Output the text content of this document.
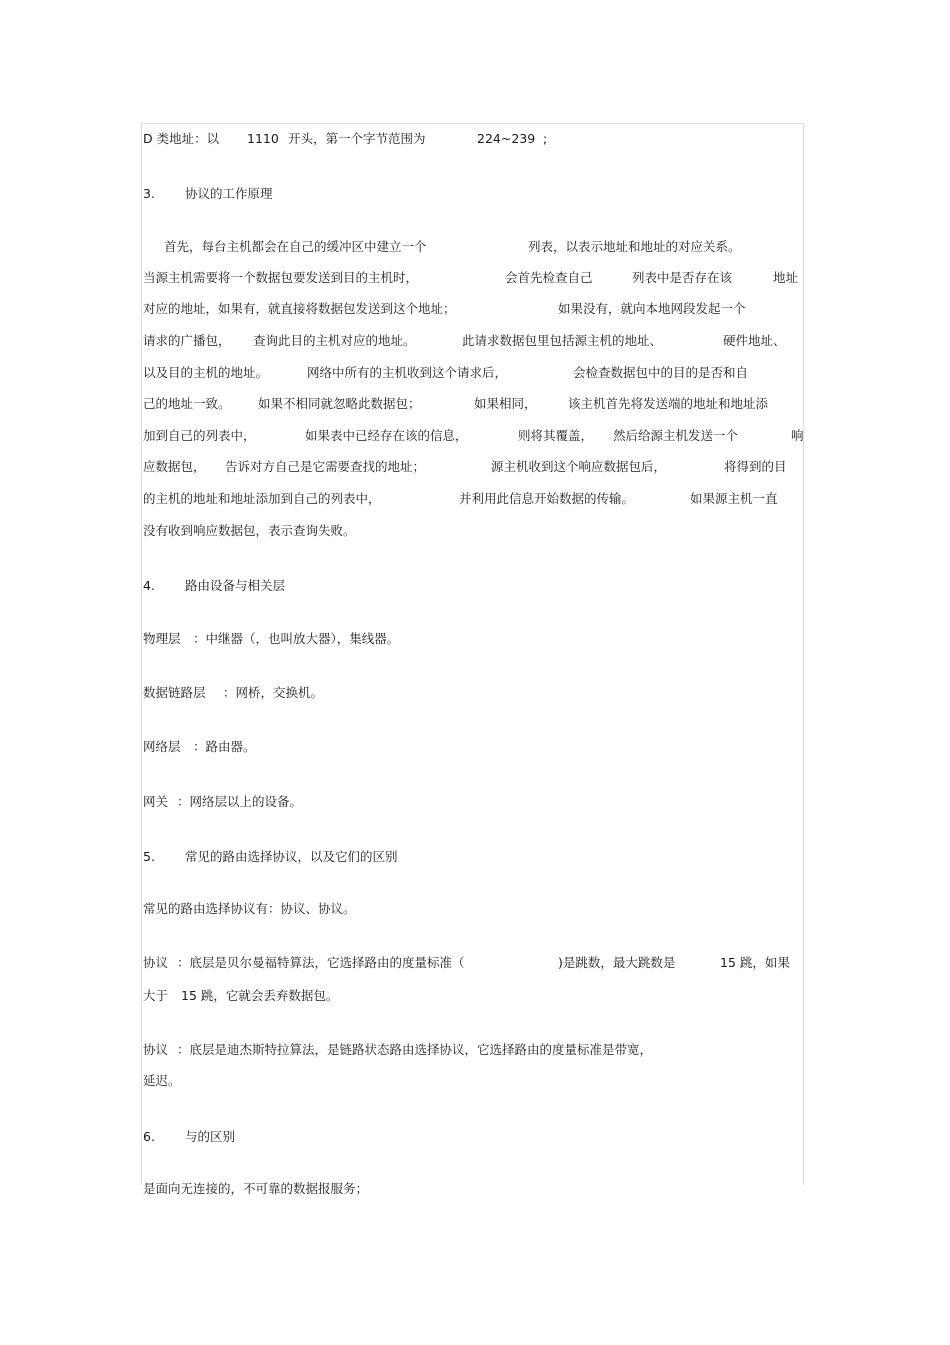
D 类地址：以 1110 开头，第一个字节范围为	224~239 ;
3. 协议的工作原理
首先，每台主机都会在自己的缓冲区中建立一个	列表，以表示地址和地址的对应关系。
当源主机需要将一个数据包要发送到目的主机时，	会首先检查自己	列表中是否存在该	地址
对应的地址，如果有，就直接将数据包发送到这个地址；	如果没有，就向本地网段发起一个
请求的广播包， 查询此目的主机对应的地址。	此请求数据包里包括源主机的地址、	硬件地址、
以及目的主机的地址。	网络中所有的主机收到这个请求后，	会检查数据包中的目的是否和自
己的地址一致。 如果不相同就忽略此数据包；	如果相同，	该主机首先将发送端的地址和地址添
加到自己的列表中，	如果表中已经存在该的信息，	则将其覆盖， 然后给源主机发送一个	响
应数据包， 告诉对方自己是它需要查找的地址；	源主机收到这个响应数据包后，	将得到的目
的主机的地址和地址添加到自己的列表中，	并利用此信息开始数据的传输。	如果源主机一直
没有收到响应数据包，表示查询失败。
4. 路由设备与相关层
物理层 ：中继器（，也叫放大器），集线器。
数据链路层 ：网桥，交换机。
网络层 ：路由器。
网关 ：网络层以上的设备。
5. 常见的路由选择协议，以及它们的区别
常见的路由选择协议有：协议、协议。
协议 ：底层是贝尔曼福特算法，它选择路由的度量标准（	)是跳数，最大跳数是	15 跳，如果
大于 15 跳，它就会丢弃数据包。
协议 ：底层是迪杰斯特拉算法，是链路状态路由选择协议，它选择路由的度量标准是带宽，
延迟。
6. 与的区别
是面向无连接的，不可靠的数据报服务；
